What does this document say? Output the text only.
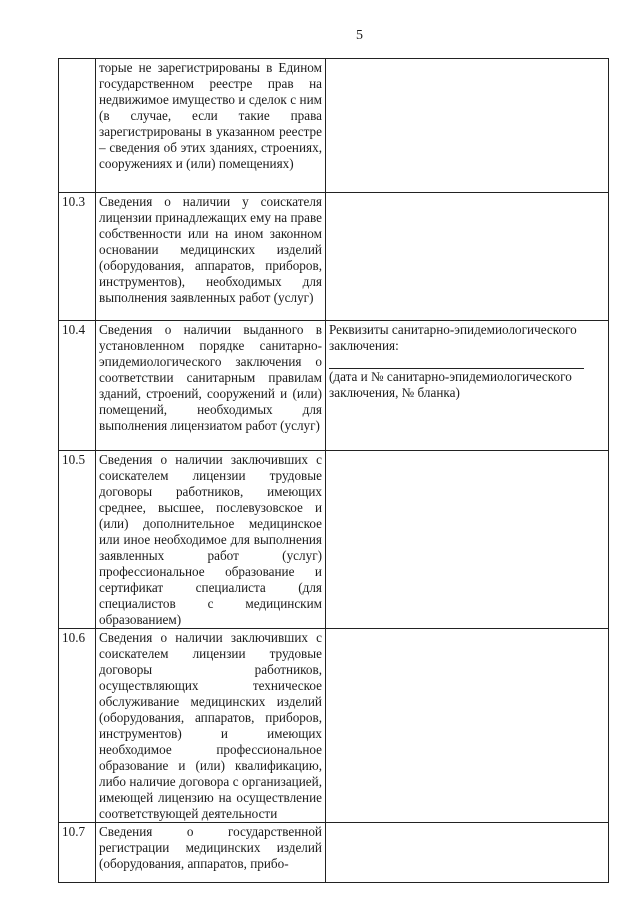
5
	торые не зарегистрированы в Едином государственном реестре прав на недвижимое имущество и сделок с ним (в случае, если такие права зарегистрированы в указанном реестре – сведения об этих зданиях, строениях, сооружениях и (или) помещениях)	
10.3	Сведения о наличии у соискателя лицензии принадлежащих ему на праве собственности или на ином законном основании медицинских изделий (оборудования, аппаратов, приборов, инструментов), необходимых для выполнения заявленных работ (услуг)	
10.4	Сведения о наличии выданного в установленном порядке санитарно-эпидемиологического заключения о соответствии санитарным правилам зданий, строений, сооружений и (или) помещений, необходимых для выполнения лицензиатом работ (услуг)	Реквизиты санитарно-эпидемиологического заключения:
(дата и № санитарно-эпидемиологического заключения, № бланка)

10.5	Сведения о наличии заключивших с соискателем лицензии трудовые договоры работников, имеющих среднее, высшее, послевузовское и (или) дополнительное медицинское или иное необходимое для выполнения заявленных работ (услуг) профессиональное образование и сертификат специалиста (для специалистов с медицинским образованием)	
10.6	Сведения о наличии заключивших с соискателем лицензии трудовые договоры работников, осуществляющих техническое обслуживание медицинских изделий (оборудования, аппаратов, приборов, инструментов) и имеющих необходимое профессиональное образование и (или) квалификацию, либо наличие договора с организацией, имеющей лицензию на осуществление соответствующей деятельности	
10.7	Сведения о государственной регистрации медицинских изделий (оборудования, аппаратов, прибо-	
